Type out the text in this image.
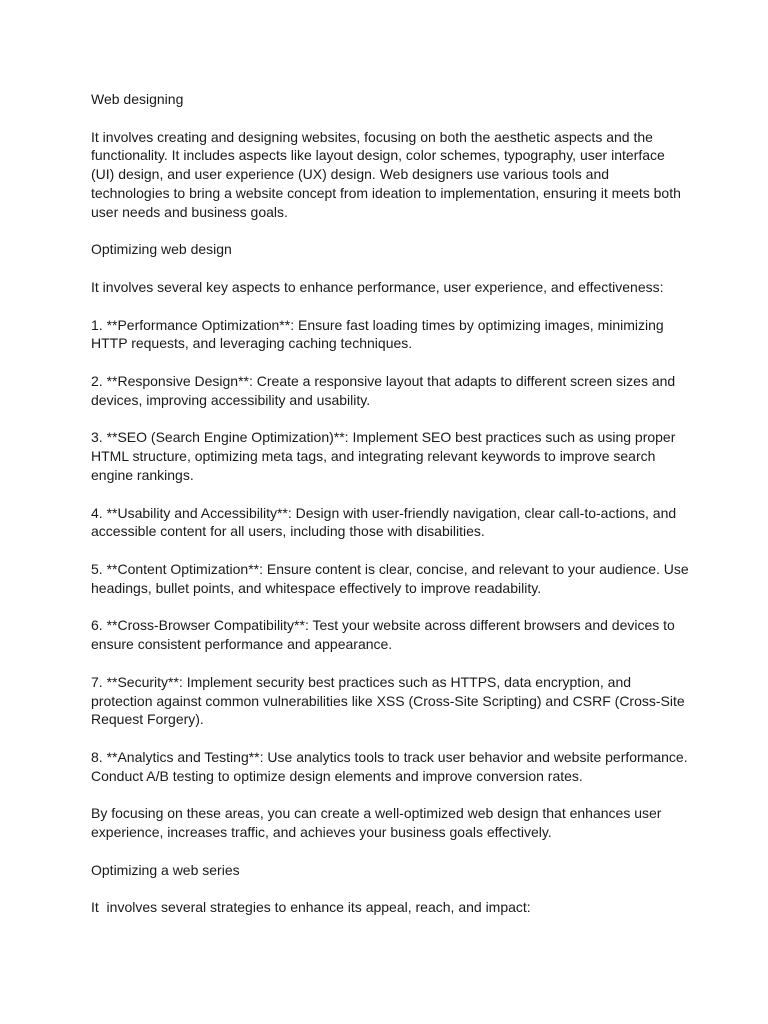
Web designing

It involves creating and designing websites, focusing on both the aesthetic aspects and the functionality. It includes aspects like layout design, color schemes, typography, user interface (UI) design, and user experience (UX) design. Web designers use various tools and technologies to bring a website concept from ideation to implementation, ensuring it meets both user needs and business goals.

Optimizing web design

It involves several key aspects to enhance performance, user experience, and effectiveness:

1. **Performance Optimization**: Ensure fast loading times by optimizing images, minimizing HTTP requests, and leveraging caching techniques.

2. **Responsive Design**: Create a responsive layout that adapts to different screen sizes and devices, improving accessibility and usability.

3. **SEO (Search Engine Optimization)**: Implement SEO best practices such as using proper HTML structure, optimizing meta tags, and integrating relevant keywords to improve search engine rankings.

4. **Usability and Accessibility**: Design with user-friendly navigation, clear call-to-actions, and accessible content for all users, including those with disabilities.

5. **Content Optimization**: Ensure content is clear, concise, and relevant to your audience. Use headings, bullet points, and whitespace effectively to improve readability.

6. **Cross-Browser Compatibility**: Test your website across different browsers and devices to ensure consistent performance and appearance.

7. **Security**: Implement security best practices such as HTTPS, data encryption, and protection against common vulnerabilities like XSS (Cross-Site Scripting) and CSRF (Cross-Site Request Forgery).

8. **Analytics and Testing**: Use analytics tools to track user behavior and website performance. Conduct A/B testing to optimize design elements and improve conversion rates.

By focusing on these areas, you can create a well-optimized web design that enhances user experience, increases traffic, and achieves your business goals effectively.

Optimizing a web series

It  involves several strategies to enhance its appeal, reach, and impact:
